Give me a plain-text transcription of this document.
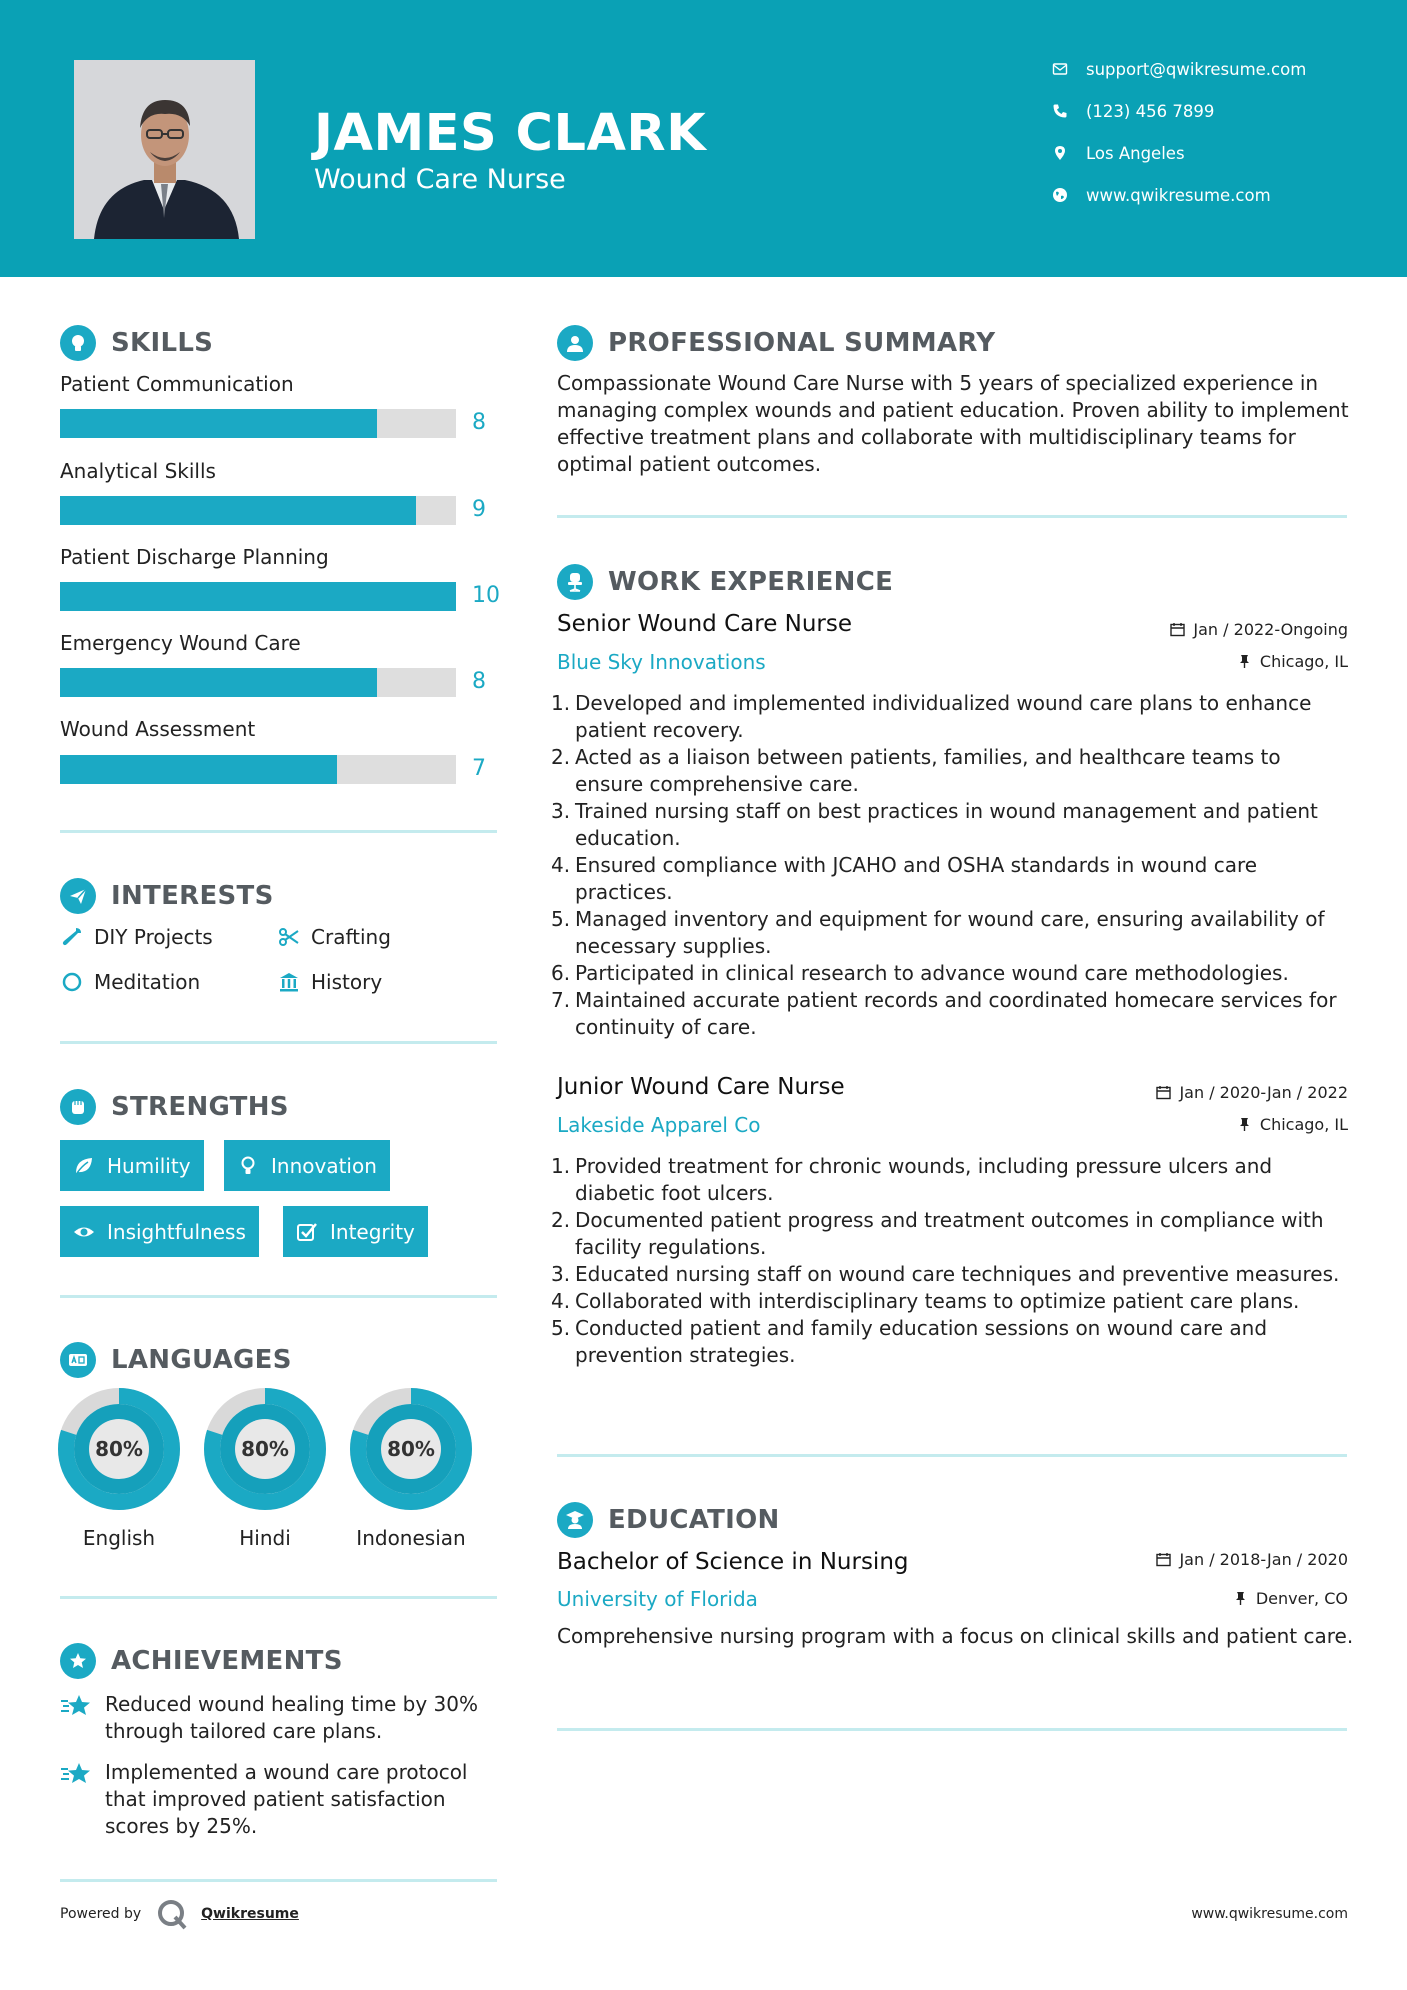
JAMES CLARK
Wound Care Nurse
support@qwikresume.com
(123) 456 7899
Los Angeles
www.qwikresume.com
SKILLS
Patient Communication
8
Analytical Skills
9
Patient Discharge Planning
10
Emergency Wound Care
8
Wound Assessment
7
INTERESTS
DIY Projects	Crafting
Meditation	History
STRENGTHS
Humility	Innovation
Insightfulness	Integrity
LANGUAGES
80%
English
80%
Hindi
80%
Indonesian
ACHIEVEMENTS
Reduced wound healing time by 30% through tailored care plans.
Implemented a wound care protocol that improved patient satisfaction scores by 25%.
PROFESSIONAL SUMMARY
Compassionate Wound Care Nurse with 5 years of specialized experience in managing complex wounds and patient education. Proven ability to implement effective treatment plans and collaborate with multidisciplinary teams for optimal patient outcomes.
WORK EXPERIENCE
Senior Wound Care Nurse	Jan / 2022-Ongoing
Blue Sky Innovations	Chicago, IL
1. Developed and implemented individualized wound care plans to enhance patient recovery.
2. Acted as a liaison between patients, families, and healthcare teams to ensure comprehensive care.
3. Trained nursing staff on best practices in wound management and patient education.
4. Ensured compliance with JCAHO and OSHA standards in wound care practices.
5. Managed inventory and equipment for wound care, ensuring availability of necessary supplies.
6. Participated in clinical research to advance wound care methodologies.
7. Maintained accurate patient records and coordinated homecare services for continuity of care.
Junior Wound Care Nurse	Jan / 2020-Jan / 2022
Lakeside Apparel Co	Chicago, IL
1. Provided treatment for chronic wounds, including pressure ulcers and diabetic foot ulcers.
2. Documented patient progress and treatment outcomes in compliance with facility regulations.
3. Educated nursing staff on wound care techniques and preventive measures.
4. Collaborated with interdisciplinary teams to optimize patient care plans.
5. Conducted patient and family education sessions on wound care and prevention strategies.
EDUCATION
Bachelor of Science in Nursing	Jan / 2018-Jan / 2020
University of Florida	Denver, CO
Comprehensive nursing program with a focus on clinical skills and patient care.
Powered by	Qwikresume	www.qwikresume.com
